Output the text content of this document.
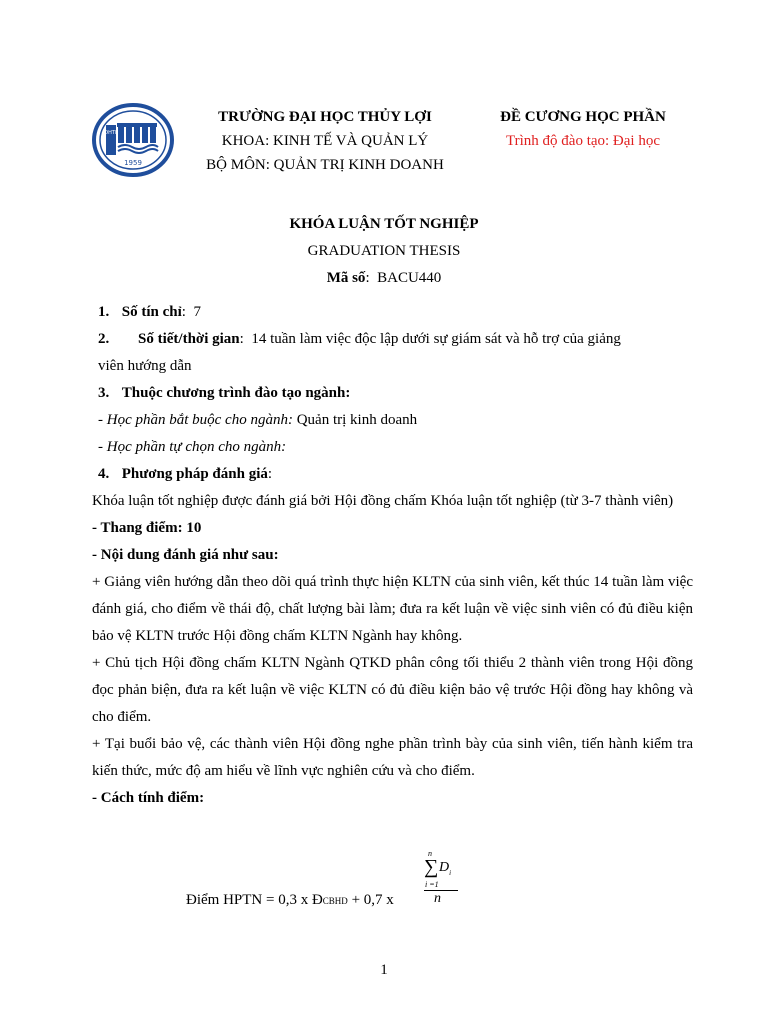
ĐHTL
1959
TRƯỜNG ĐẠI HỌC THỦY LỢI
KHOA: KINH TẾ VÀ QUẢN LÝ
BỘ MÔN: QUẢN TRỊ KINH DOANH
ĐỀ CƯƠNG HỌC PHẦN
Trình độ đào tạo: Đại học
KHÓA LUẬN TỐT NGHIỆP
GRADUATION THESIS
Mã số: BACU440
1. Số tín chỉ: 7
2. Số tiết/thời gian: 14 tuần làm việc độc lập dưới sự giám sát và hỗ trợ của giảng
viên hướng dẫn
3. Thuộc chương trình đào tạo ngành:
- Học phần bắt buộc cho ngành: Quản trị kinh doanh
- Học phần tự chọn cho ngành:
4. Phương pháp đánh giá:
Khóa luận tốt nghiệp được đánh giá bởi Hội đồng chấm Khóa luận tốt nghiệp (từ 3-7 thành viên)
- Thang điểm: 10
- Nội dung đánh giá như sau:
+ Giảng viên hướng dẫn theo dõi quá trình thực hiện KLTN của sinh viên, kết thúc 14 tuần làm việc đánh giá, cho điểm về thái độ, chất lượng bài làm; đưa ra kết luận về việc sinh viên có đủ điều kiện bảo vệ KLTN trước Hội đồng chấm KLTN Ngành hay không.
+ Chủ tịch Hội đồng chấm KLTN Ngành QTKD phân công tối thiểu 2 thành viên trong Hội đồng đọc phản biện, đưa ra kết luận về việc KLTN có đủ điều kiện bảo vệ trước Hội đồng hay không và cho điểm.
+ Tại buổi bảo vệ, các thành viên Hội đồng nghe phần trình bày của sinh viên, tiến hành kiểm tra kiến thức, mức độ am hiểu về lĩnh vực nghiên cứu và cho điểm.
- Cách tính điểm:
Điểm HPTN = 0,3 x ĐCBHD + 0,7 x
n
∑
i =1
$D_i$
n
1
